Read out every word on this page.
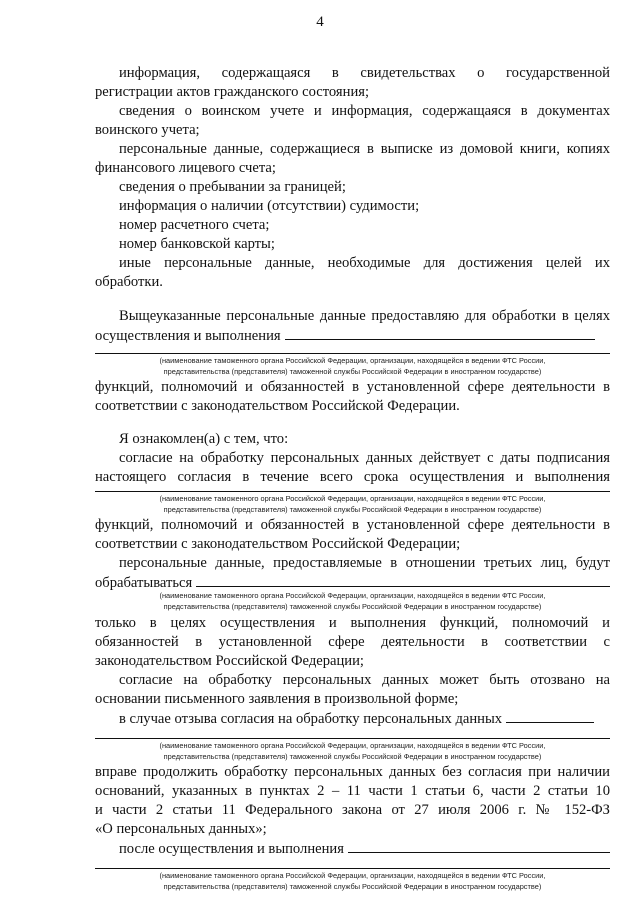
4
информация, содержащаяся в свидетельствах о государственной
регистрации актов гражданского состояния;
сведения о воинском учете и информация, содержащаяся в документах
воинского учета;
персональные данные, содержащиеся в выписке из домовой книги, копиях
финансового лицевого счета;
сведения о пребывании за границей;
информация о наличии (отсутствии) судимости;
номер расчетного счета;
номер банковской карты;
иные персональные данные, необходимые для достижения целей их
обработки.
Выщеуказанные персональные данные предоставляю для обработки в целях
осуществления и выполнения
(наименование таможенного органа Российской Федерации, организации, находящейся в ведении ФТС России,
представительства (представителя) таможенной службы Российской Федерации в иностранном государстве)
функций, полномочий и обязанностей в установленной сфере деятельности в
соответствии с законодательством Российской Федерации.
Я ознакомлен(а) с тем, что:
согласие на обработку персональных данных действует с даты подписания
настоящего согласия в течение всего срока осуществления и выполнения
(наименование таможенного органа Российской Федерации, организации, находящейся в ведении ФТС России,
представительства (представителя) таможенной службы Российской Федерации в иностранном государстве)
функций, полномочий и обязанностей в установленной сфере деятельности в
соответствии с законодательством Российской Федерации;
персональные данные, предоставляемые в отношении третьих лиц, будут
обрабатываться
(наименование таможенного органа Российской Федерации, организации, находящейся в ведении ФТС России,
представительства (представителя) таможенной службы Российской Федерации в иностранном государстве)
только в целях осуществления и выполнения функций, полномочий и
обязанностей в установленной сфере деятельности в соответствии с
законодательством Российской Федерации;
согласие на обработку персональных данных может быть отозвано на
основании письменного заявления в произвольной форме;
в случае отзыва согласия на обработку персональных данных
(наименование таможенного органа Российской Федерации, организации, находящейся в ведении ФТС России,
представительства (представителя) таможенной службы Российской Федерации в иностранном государстве)
вправе продолжить обработку персональных данных без согласия при наличии
оснований, указанных в пунктах 2 – 11 части 1 статьи 6, части 2 статьи 10
и части 2 статьи 11 Федерального закона от 27 июля 2006 г. № 152-ФЗ
«О персональных данных»;
после осуществления и выполнения
(наименование таможенного органа Российской Федерации, организации, находящейся в ведении ФТС России,
представительства (представителя) таможенной службы Российской Федерации в иностранном государстве)
